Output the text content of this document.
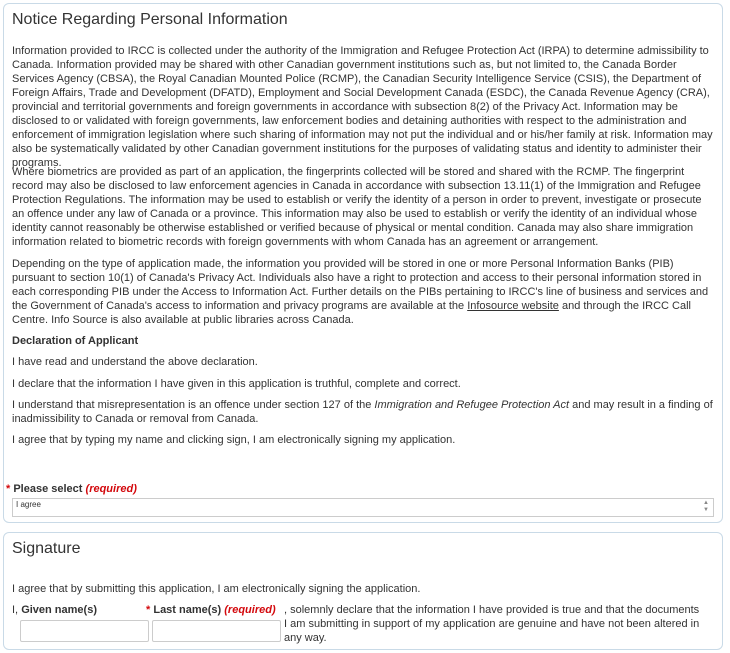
Notice Regarding Personal Information

Information provided to IRCC is collected under the authority of the Immigration and Refugee Protection Act (IRPA) to determine admissibility to Canada. Information provided may be shared with other Canadian government institutions such as, but not limited to, the Canada Border Services Agency (CBSA), the Royal Canadian Mounted Police (RCMP), the Canadian Security Intelligence Service (CSIS), the Department of Foreign Affairs, Trade and Development (DFATD), Employment and Social Development Canada (ESDC), the Canada Revenue Agency (CRA), provincial and territorial governments and foreign governments in accordance with subsection 8(2) of the Privacy Act. Information may be disclosed to or validated with foreign governments, law enforcement bodies and detaining authorities with respect to the administration and enforcement of immigration legislation where such sharing of information may not put the individual and or his/her family at risk. Information may also be systematically validated by other Canadian government institutions for the purposes of validating status and identity to administer their programs.

Where biometrics are provided as part of an application, the fingerprints collected will be stored and shared with the RCMP. The fingerprint record may also be disclosed to law enforcement agencies in Canada in accordance with subsection 13.11(1) of the Immigration and Refugee Protection Regulations. The information may be used to establish or verify the identity of a person in order to prevent, investigate or prosecute an offence under any law of Canada or a province. This information may also be used to establish or verify the identity of an individual whose identity cannot reasonably be otherwise established or verified because of physical or mental condition. Canada may also share immigration information related to biometric records with foreign governments with whom Canada has an agreement or arrangement.

Depending on the type of application made, the information you provided will be stored in one or more Personal Information Banks (PIB) pursuant to section 10(1) of Canada's Privacy Act. Individuals also have a right to protection and access to their personal information stored in each corresponding PIB under the Access to Information Act. Further details on the PIBs pertaining to IRCC's line of business and services and the Government of Canada's access to information and privacy programs are available at the Infosource website and through the IRCC Call Centre. Info Source is also available at public libraries across Canada.

Declaration of Applicant

I have read and understand the above declaration.

I declare that the information I have given in this application is truthful, complete and correct.

I understand that misrepresentation is an offence under section 127 of the Immigration and Refugee Protection Act and may result in a finding of inadmissibility to Canada or removal from Canada.

I agree that by typing my name and clicking sign, I am electronically signing my application.

* Please select (required)
I agree	▲
▼
Signature

I agree that by submitting this application, I am electronically signing the application.

I, Given name(s)	* Last name(s) (required) , solemnly declare that the information I have provided is true and that the documents I am submitting in support of my application are genuine and have not been altered in any way.
